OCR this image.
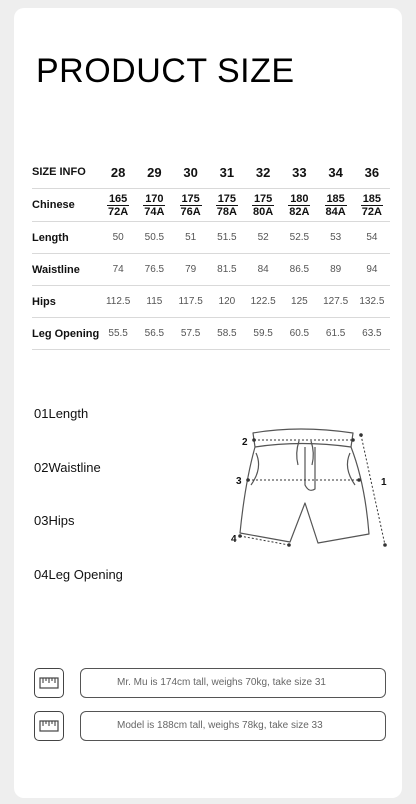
PRODUCT SIZE
SIZE INFO	28	29	30	31	32	33	34	36
Chinese	$\frac{165}{72A}$	$\frac{170}{74A}$	$\frac{175}{76A}$	$\frac{175}{78A}$	$\frac{175}{80A}$	$\frac{180}{82A}$	$\frac{185}{84A}$	$\frac{185}{72A}$

Length	50	50.5	51	51.5	52	52.5	53	54
Waistline	74	76.5	79	81.5	84	86.5	89	94
Hips	112.5	115	117.5	120	122.5	125	127.5	132.5
Leg Opening	55.5	56.5	57.5	58.5	59.5	60.5	61.5	63.5

01Length

02Waistline

03Hips

04Leg Opening

2
3	1
4
Mr. Mu is 174cm tall, weighs 70kg, take size 31
Model is 188cm tall, weighs 78kg, take size 33
